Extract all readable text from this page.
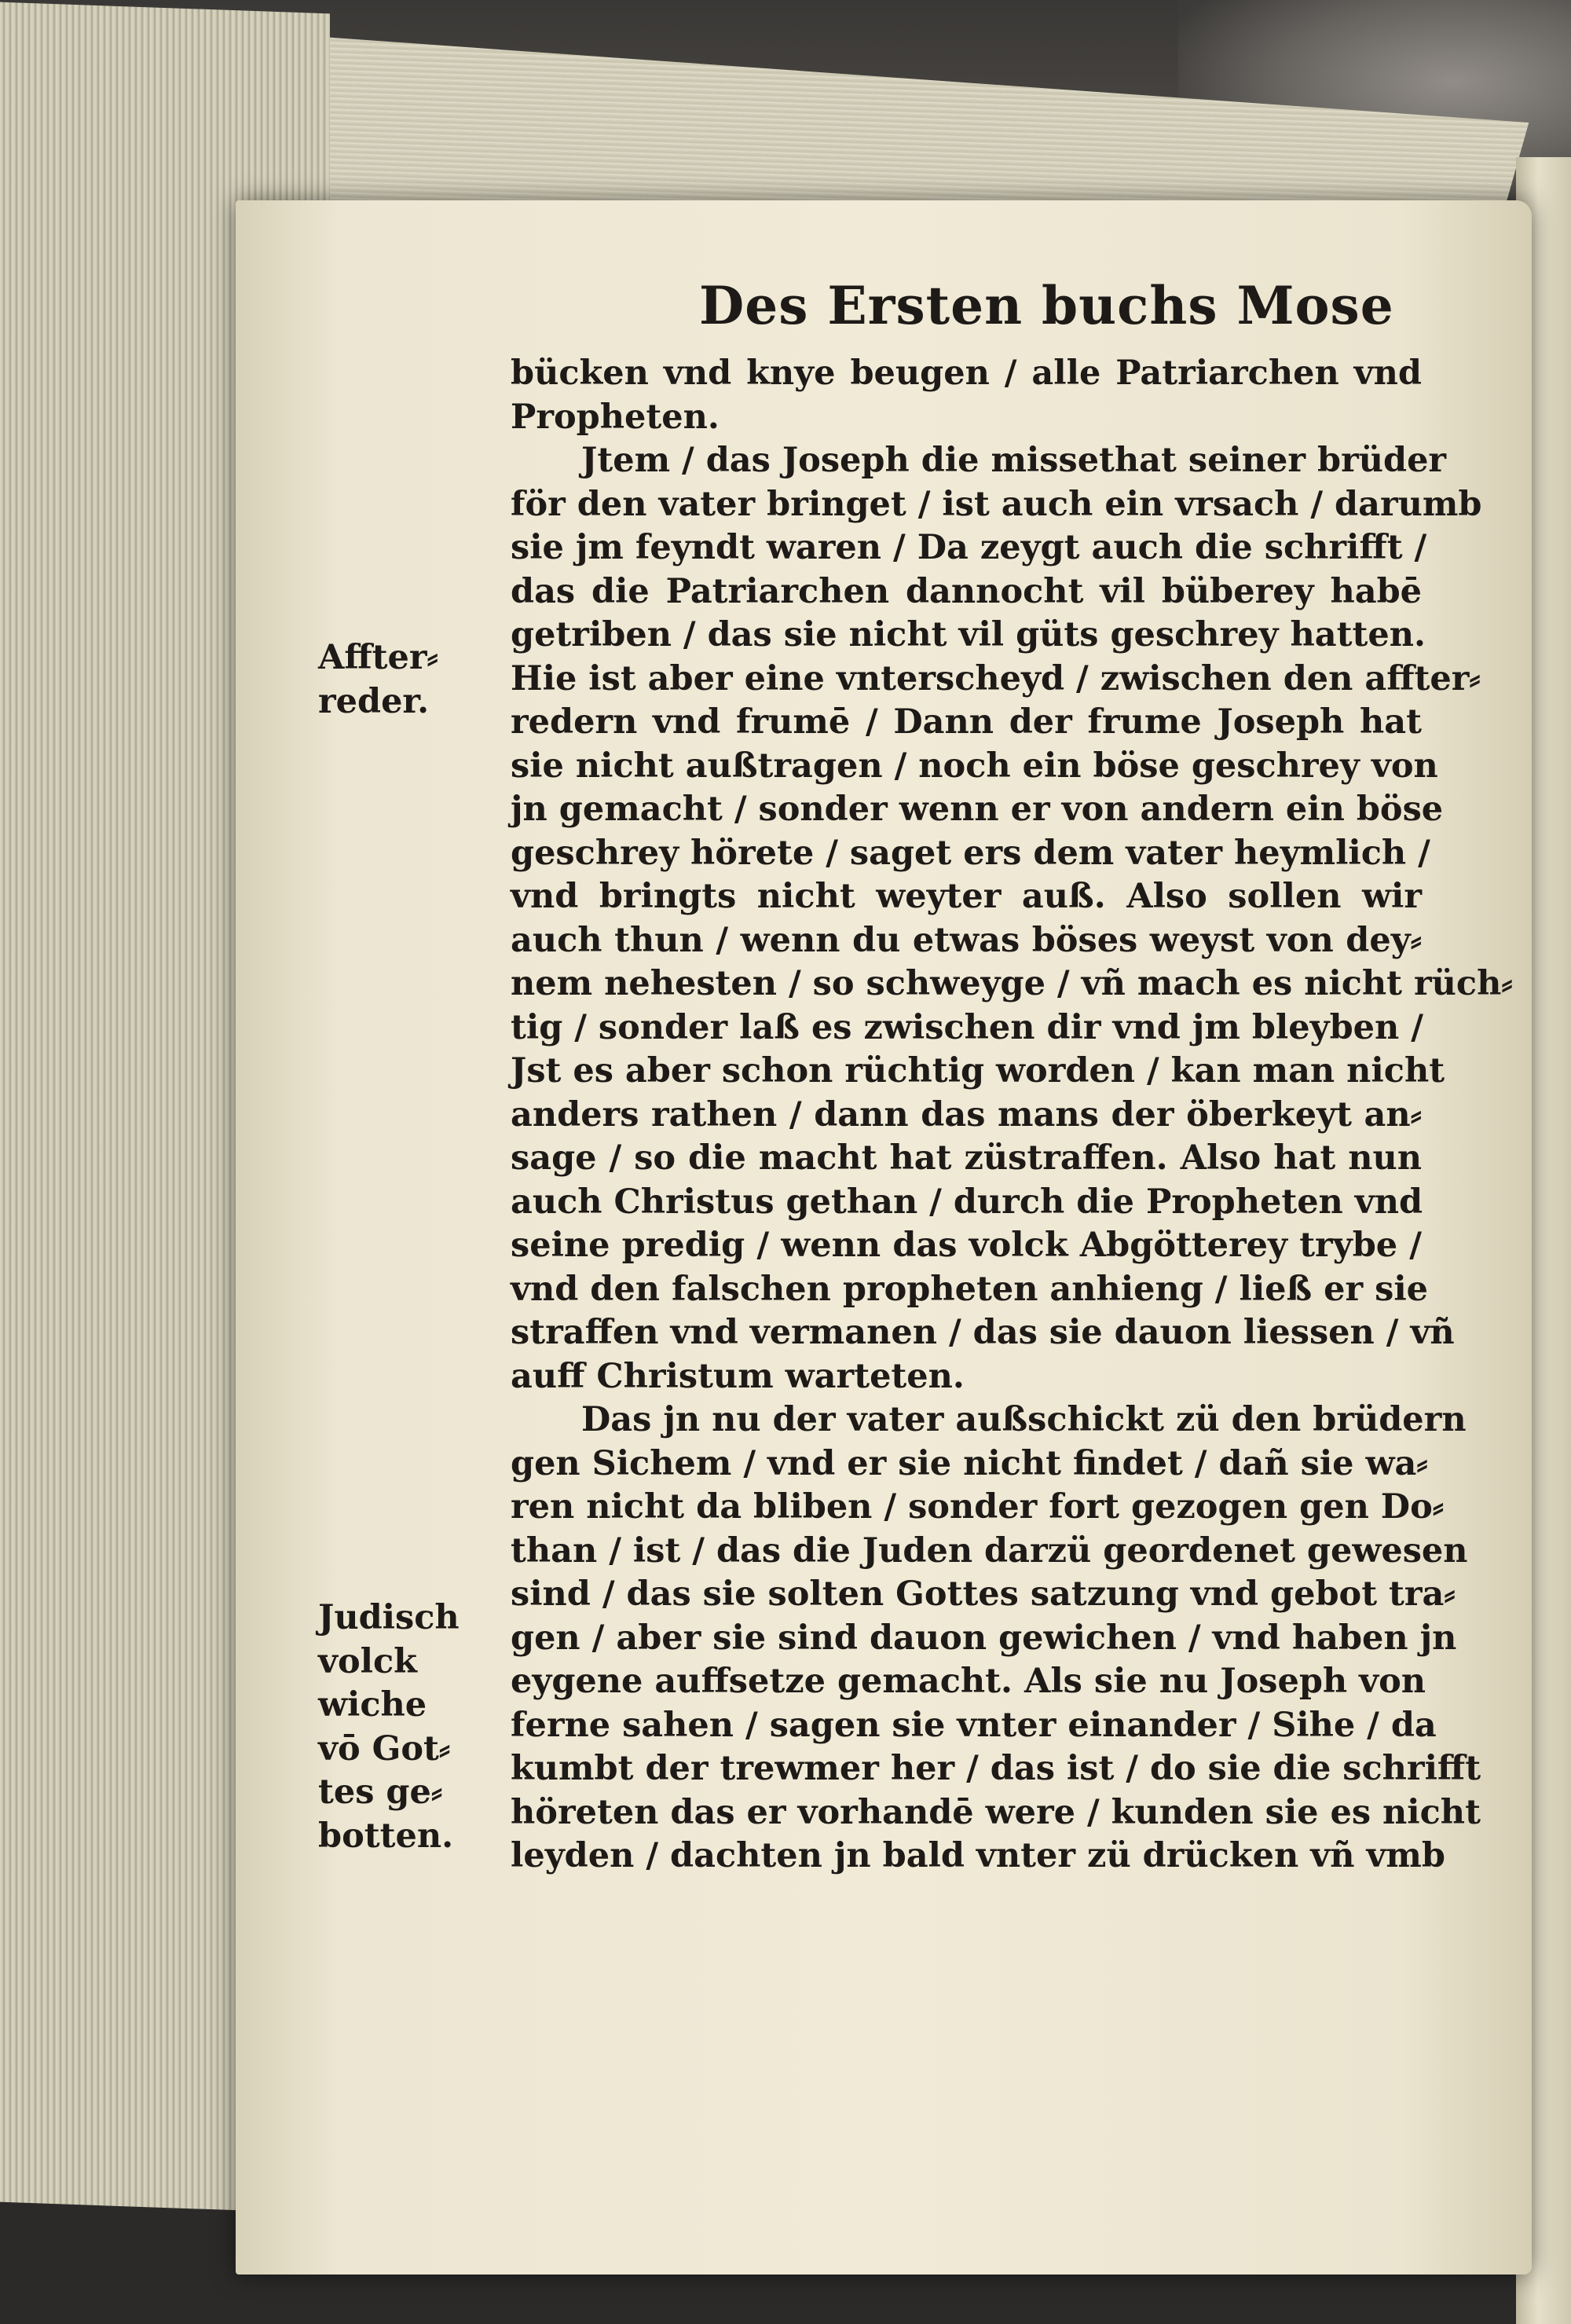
Des Ersten buchs Mose
bücken vnd knye beugen / alle Patriarchen vnd
Propheten.
Jtem / das Joseph die missethat seiner brüder
för den vater bringet / ist auch ein vrsach / darumb
sie jm feyndt waren / Da zeygt auch die schrifft /
das die Patriarchen dannocht vil büberey habē
getriben / das sie nicht vil güts geschrey hatten.
Hie ist aber eine vnterscheyd / zwischen den affter⸗
redern vnd frumē / Dann der frume Joseph hat
sie nicht außtragen / noch ein böse geschrey von
jn gemacht / sonder wenn er von andern ein böse
geschrey hörete / saget ers dem vater heymlich /
vnd bringts nicht weyter auß. Also sollen wir
auch thun / wenn du etwas böses weyst von dey⸗
nem nehesten / so schweyge / vñ mach es nicht rüch⸗
tig / sonder laß es zwischen dir vnd jm bleyben /
Jst es aber schon rüchtig worden / kan man nicht
anders rathen / dann das mans der öberkeyt an⸗
sage / so die macht hat züstraffen. Also hat nun
auch Christus gethan / durch die Propheten vnd
seine predig / wenn das volck Abgötterey trybe /
vnd den falschen propheten anhieng / ließ er sie
straffen vnd vermanen / das sie dauon liessen / vñ
auff Christum warteten.
Das jn nu der vater außschickt zü den brüdern
gen Sichem / vnd er sie nicht findet / dañ sie wa⸗
ren nicht da bliben / sonder fort gezogen gen Do⸗
than / ist / das die Juden darzü geordenet gewesen
sind / das sie solten Gottes satzung vnd gebot tra⸗
gen / aber sie sind dauon gewichen / vnd haben jn
eygene auffsetze gemacht. Als sie nu Joseph von
ferne sahen / sagen sie vnter einander / Sihe / da
kumbt der trewmer her / das ist / do sie die schrifft
höreten das er vorhandē were / kunden sie es nicht
leyden / dachten jn bald vnter zü drücken vñ vmb
Affter⸗
reder.
Judisch
volck
wiche
vō Got⸗
tes ge⸗
botten.
